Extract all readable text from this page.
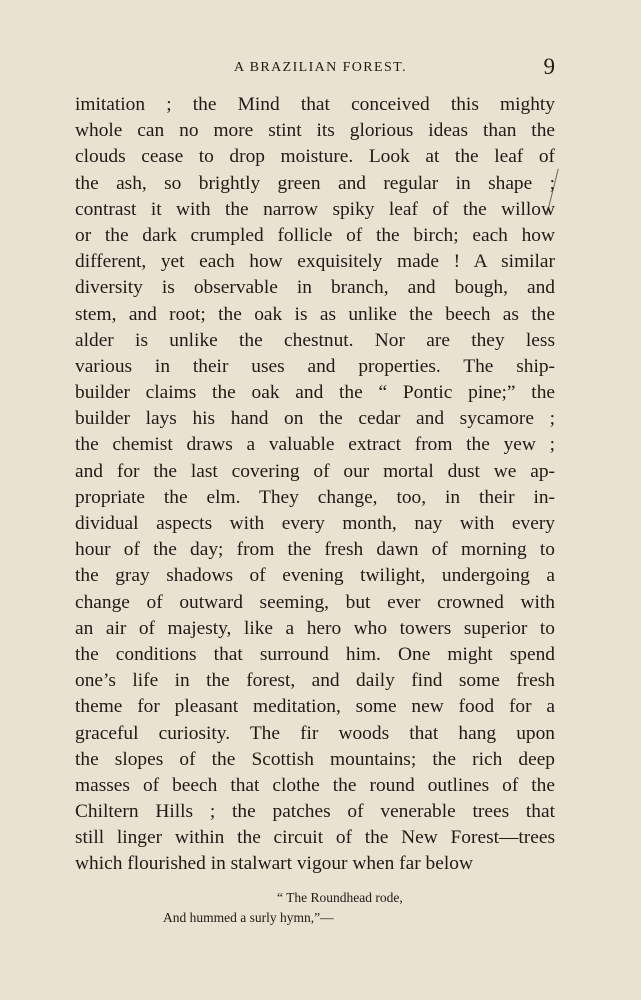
A BRAZILIAN FOREST.	9

imitation ; the Mind that conceived this mighty
whole can no more stint its glorious ideas than the
clouds cease to drop moisture. Look at the leaf of
the ash, so brightly green and regular in shape ;
contrast it with the narrow spiky leaf of the willow
or the dark crumpled follicle of the birch; each how
different, yet each how exquisitely made ! A similar
diversity is observable in branch, and bough, and
stem, and root; the oak is as unlike the beech as the
alder is unlike the chestnut. Nor are they less
various in their uses and properties. The ship-
builder claims the oak and the “ Pontic pine;” the
builder lays his hand on the cedar and sycamore ;
the chemist draws a valuable extract from the yew ;
and for the last covering of our mortal dust we ap-
propriate the elm. They change, too, in their in-
dividual aspects with every month, nay with every
hour of the day; from the fresh dawn of morning to
the gray shadows of evening twilight, undergoing a
change of outward seeming, but ever crowned with
an air of majesty, like a hero who towers superior to
the conditions that surround him. One might spend
one’s life in the forest, and daily find some fresh
theme for pleasant meditation, some new food for a
graceful curiosity. The fir woods that hang upon
the slopes of the Scottish mountains; the rich deep
masses of beech that clothe the round outlines of the
Chiltern Hills ; the patches of venerable trees that
still linger within the circuit of the New Forest—trees
which flourished in stalwart vigour when far below

“ The Roundhead rode,
And hummed a surly hymn,”—
